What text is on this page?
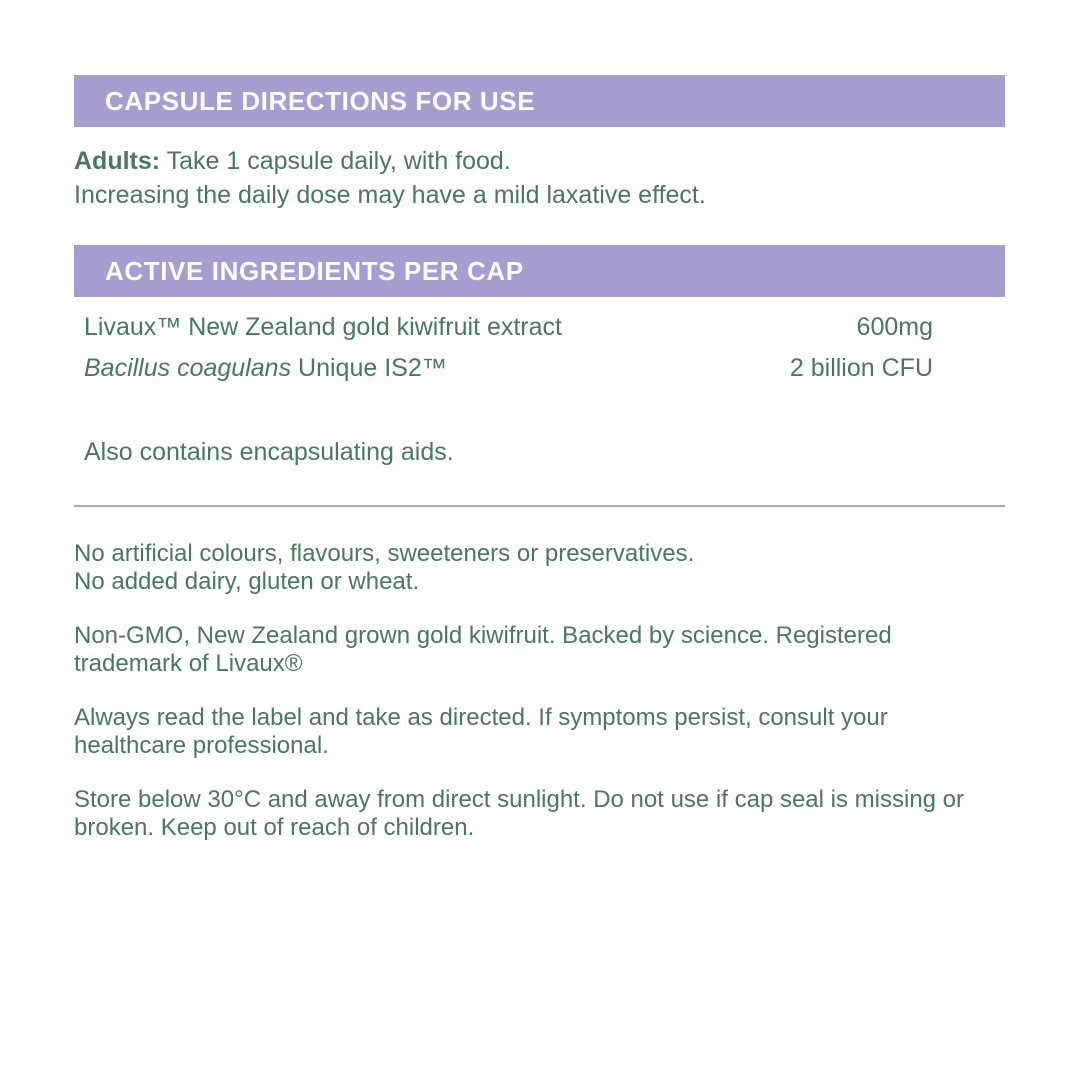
CAPSULE DIRECTIONS FOR USE
Adults: Take 1 capsule daily, with food.
Increasing the daily dose may have a mild laxative effect.
ACTIVE INGREDIENTS PER CAP
Livaux™ New Zealand gold kiwifruit extract	600mg
Bacillus coagulans Unique IS2™	2 billion CFU
Also contains encapsulating aids.

No artificial colours, flavours, sweeteners or preservatives.
No added dairy, gluten or wheat.

Non-GMO, New Zealand grown gold kiwifruit. Backed by science. Registered
trademark of Livaux®

Always read the label and take as directed. If symptoms persist, consult your
healthcare professional.

Store below 30°C and away from direct sunlight. Do not use if cap seal is missing or
broken. Keep out of reach of children.
